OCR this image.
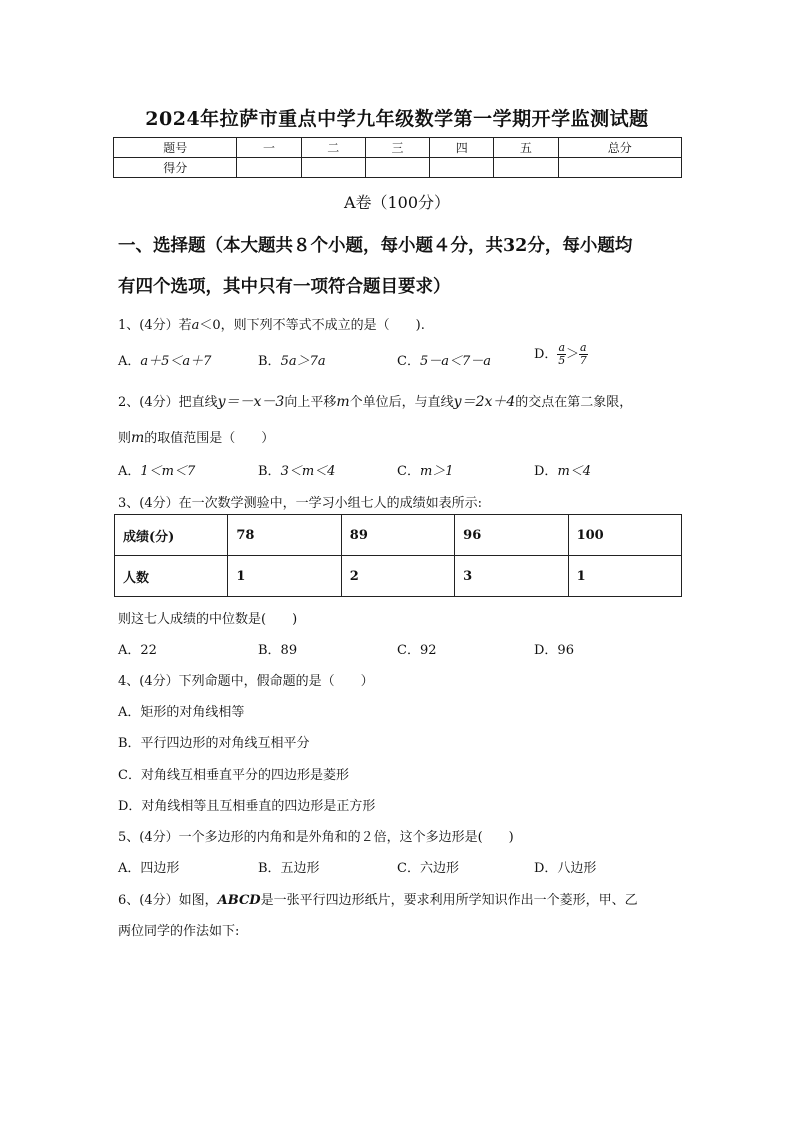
2024年拉萨市重点中学九年级数学第一学期开学监测试题
题号	一	二	三	四	五	总分
得分						
A卷（100分）
一、选择题（本大题共８个小题，每小题４分，共32分，每小题均
有四个选项，其中只有一项符合题目要求）
1、(4分）若a＜0，则下列不等式不成立的是（　　).
A．a＋5＜a＋7	B．5a＞7a	C．5－a＜7－a	D． $\frac{a}{5} > \frac{a}{7}$
2、(4分）把直线y＝－x－3向上平移m个单位后，与直线y＝2x＋4的交点在第二象限，
则m的取值范围是（　　）
A．1＜m＜7	B．3＜m＜4	C．m＞1	D．m＜4
3、(4分）在一次数学测验中，一学习小组七人的成绩如表所示:
成绩(分)	78	89	96	100
人数	1	2	3	1
则这七人成绩的中位数是(　　)
A．22	B．89	C．92	D．96
4、(4分）下列命题中，假命题的是（　　）
A．矩形的对角线相等
B．平行四边形的对角线互相平分
C．对角线互相垂直平分的四边形是菱形
D．对角线相等且互相垂直的四边形是正方形
5、(4分）一个多边形的内角和是外角和的２倍，这个多边形是(　　)
A．四边形	B．五边形	C．六边形	D．八边形
6、(4分）如图，ABCD是一张平行四边形纸片，要求利用所学知识作出一个菱形，甲、乙
两位同学的作法如下:
